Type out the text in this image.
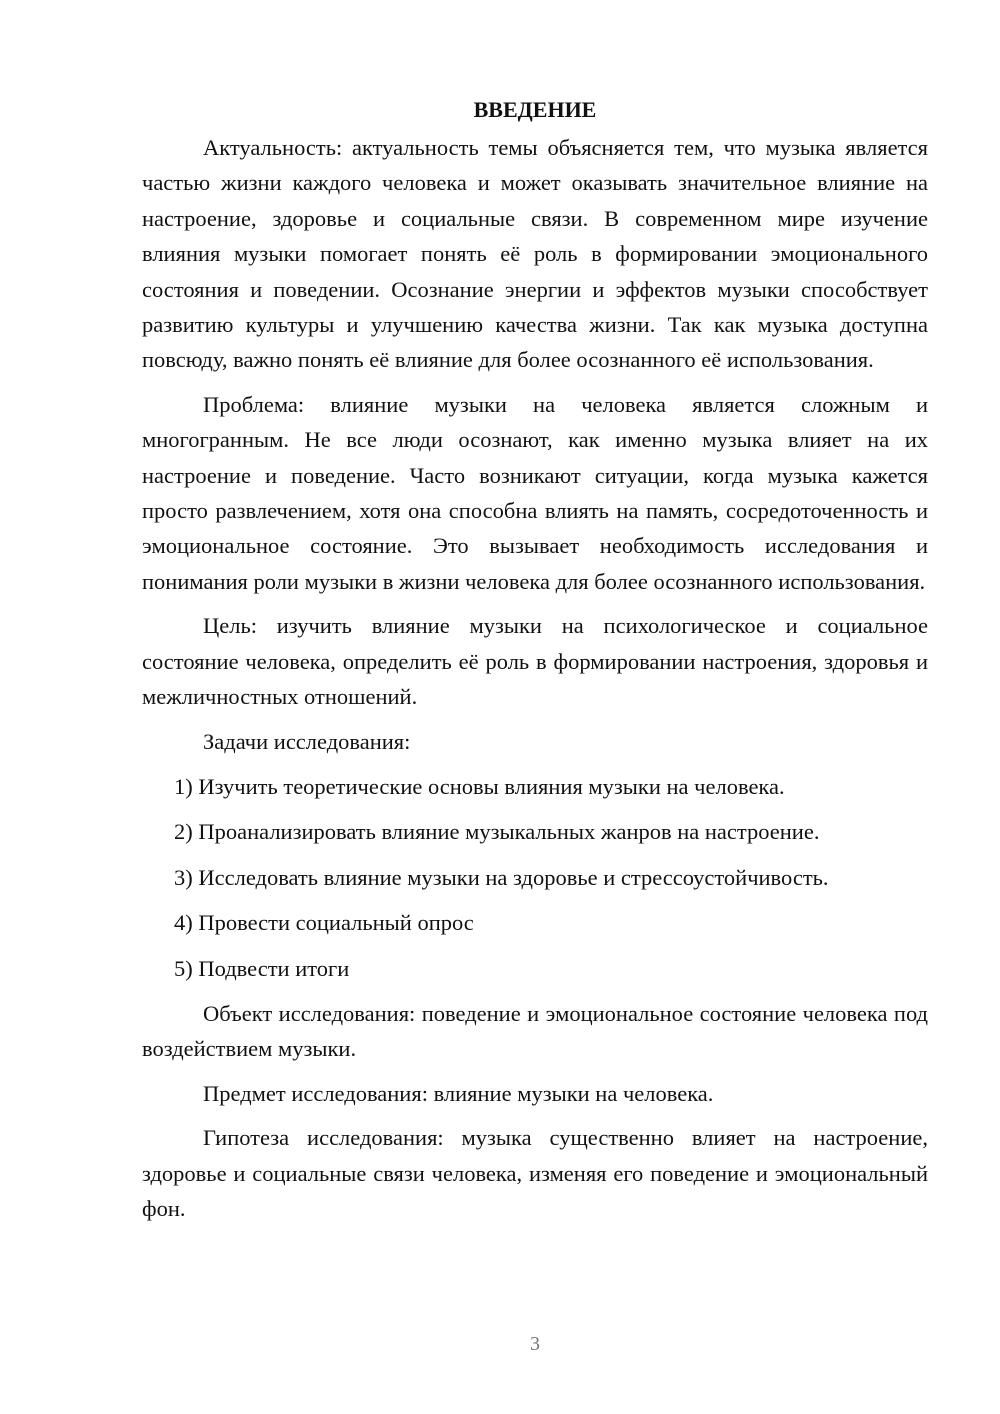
ВВЕДЕНИЕ

Актуальность: актуальность темы объясняется тем, что музыка является частью жизни каждого человека и может оказывать значительное влияние на настроение, здоровье и социальные связи. В современном мире изучение влияния музыки помогает понять её роль в формировании эмоционального состояния и поведении. Осознание энергии и эффектов музыки способствует развитию культуры и улучшению качества жизни. Так как музыка доступна повсюду, важно понять её влияние для более осознанного её использования.

Проблема: влияние музыки на человека является сложным и многогранным. Не все люди осознают, как именно музыка влияет на их настроение и поведение. Часто возникают ситуации, когда музыка кажется просто развлечением, хотя она способна влиять на память, сосредоточенность и эмоциональное состояние. Это вызывает необходимость исследования и понимания роли музыки в жизни человека для более осознанного использования.

Цель: изучить влияние музыки на психологическое и социальное состояние человека, определить её роль в формировании настроения, здоровья и межличностных отношений.

Задачи исследования:
1) Изучить теоретические основы влияния музыки на человека.
2) Проанализировать влияние музыкальных жанров на настроение.
3) Исследовать влияние музыки на здоровье и стрессоустойчивость.
4) Провести социальный опрос
5) Подвести итоги

Объект исследования: поведение и эмоциональное состояние человека под воздействием музыки.

Предмет исследования: влияние музыки на человека.

Гипотеза исследования: музыка существенно влияет на настроение, здоровье и социальные связи человека, изменяя его поведение и эмоциональный фон.

3
